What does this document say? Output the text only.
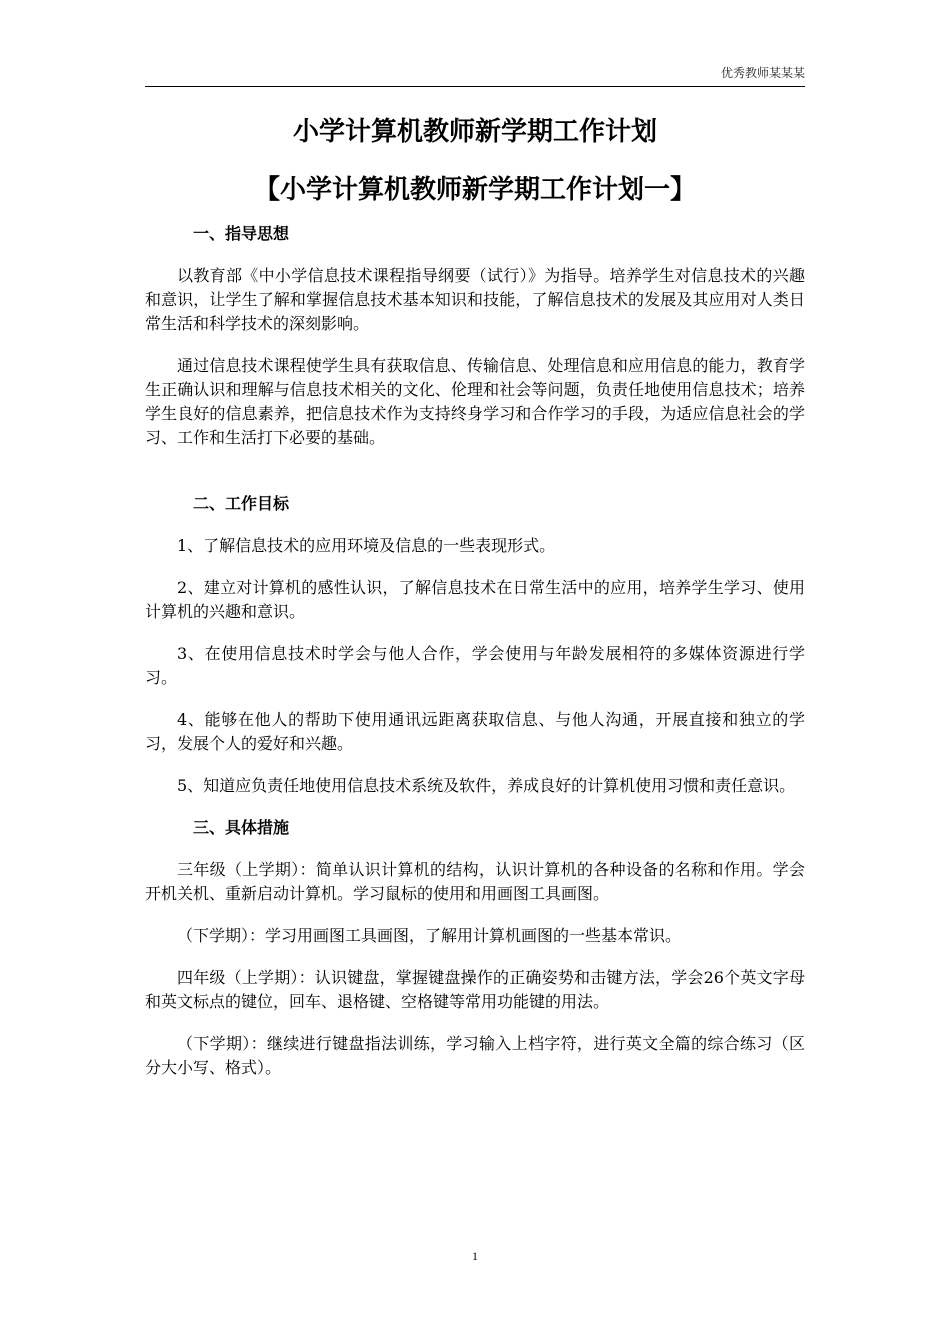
优秀教师某某某
小学计算机教师新学期工作计划
【小学计算机教师新学期工作计划一】
一、指导思想

以教育部《中小学信息技术课程指导纲要（试行）》为指导。培养学生对信息技术的兴趣和意识，让学生了解和掌握信息技术基本知识和技能，了解信息技术的发展及其应用对人类日常生活和科学技术的深刻影响。

通过信息技术课程使学生具有获取信息、传输信息、处理信息和应用信息的能力，教育学生正确认识和理解与信息技术相关的文化、伦理和社会等问题，负责任地使用信息技术；培养学生良好的信息素养，把信息技术作为支持终身学习和合作学习的手段，为适应信息社会的学习、工作和生活打下必要的基础。

二、工作目标

1、了解信息技术的应用环境及信息的一些表现形式。

2、建立对计算机的感性认识，了解信息技术在日常生活中的应用，培养学生学习、使用计算机的兴趣和意识。

3、在使用信息技术时学会与他人合作，学会使用与年龄发展相符的多媒体资源进行学习。

4、能够在他人的帮助下使用通讯远距离获取信息、与他人沟通，开展直接和独立的学习，发展个人的爱好和兴趣。

5、知道应负责任地使用信息技术系统及软件，养成良好的计算机使用习惯和责任意识。

三、具体措施

三年级（上学期）：简单认识计算机的结构，认识计算机的各种设备的名称和作用。学会开机关机、重新启动计算机。学习鼠标的使用和用画图工具画图。

（下学期）：学习用画图工具画图，了解用计算机画图的一些基本常识。

四年级（上学期）：认识键盘，掌握键盘操作的正确姿势和击键方法，学会26个英文字母和英文标点的键位，回车、退格键、空格键等常用功能键的用法。

（下学期）：继续进行键盘指法训练，学习输入上档字符，进行英文全篇的综合练习（区分大小写、格式）。

1
